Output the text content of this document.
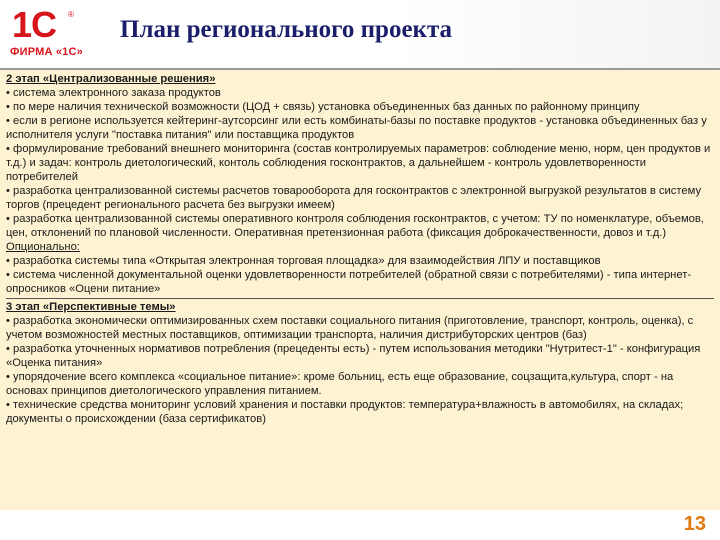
1С ®
ФИРМА «1С»
План регионального проекта

2 этап «Централизованные решения»

• система электронного заказа продуктов

• по мере наличия технической возможности (ЦОД + связь) установка объединенных баз данных по районному принципу

• если в регионе используется кейтеринг-аутсорсинг или есть комбинаты-базы по поставке продуктов - установка объединенных баз у исполнителя услуги "поставка питания" или поставщика продуктов

• формулирование требований внешнего мониторинга (состав контролируемых параметров: соблюдение меню, норм, цен продуктов и т.д.) и задач: контроль диетологический, контоль соблюдения госконтрактов, а дальнейшем - контроль удовлетворенности потребителей

• разработка централизованной системы расчетов товарооборота для госконтрактов с электронной выгрузкой результатов в систему торгов (прецедент регионального расчета без выгрузки имеем)

• разработка централизованной системы оперативного контроля соблюдения госконтрактов, с учетом: ТУ по номенклатуре, объемов, цен, отклонений по плановой численности. Оперативная претензионная работа (фиксация доброкачественности, довоз и т.д.)

Опционально:

• разработка системы типа «Открытая электронная торговая площадка» для взаимодействия ЛПУ и поставщиков

• система численной документальной оценки удовлетворенности потребителей (обратной связи с потребителями) - типа интернет-опросников «Оцени питание»

3 этап «Перспективные темы»

• разработка экономически оптимизированных схем поставки социального питания (приготовление, транспорт, контроль, оценка), с учетом возможностей местных поставщиков, оптимизации транспорта, наличия дистрибуторских центров (баз)

• разработка уточненных нормативов потребления (прецеденты есть) - путем использования методики "Нутритест-1" - конфигурация «Оценка питания»

• упорядочение всего комплекса «социальное питание»: кроме больниц, есть еще образование, соцзащита,культура, спорт - на основах принципов диетологического управления питанием.

• технические средства мониторинг условий хранения и поставки продуктов: температура+влажность в автомобилях, на складах; документы о происхождении (база сертификатов)

13
